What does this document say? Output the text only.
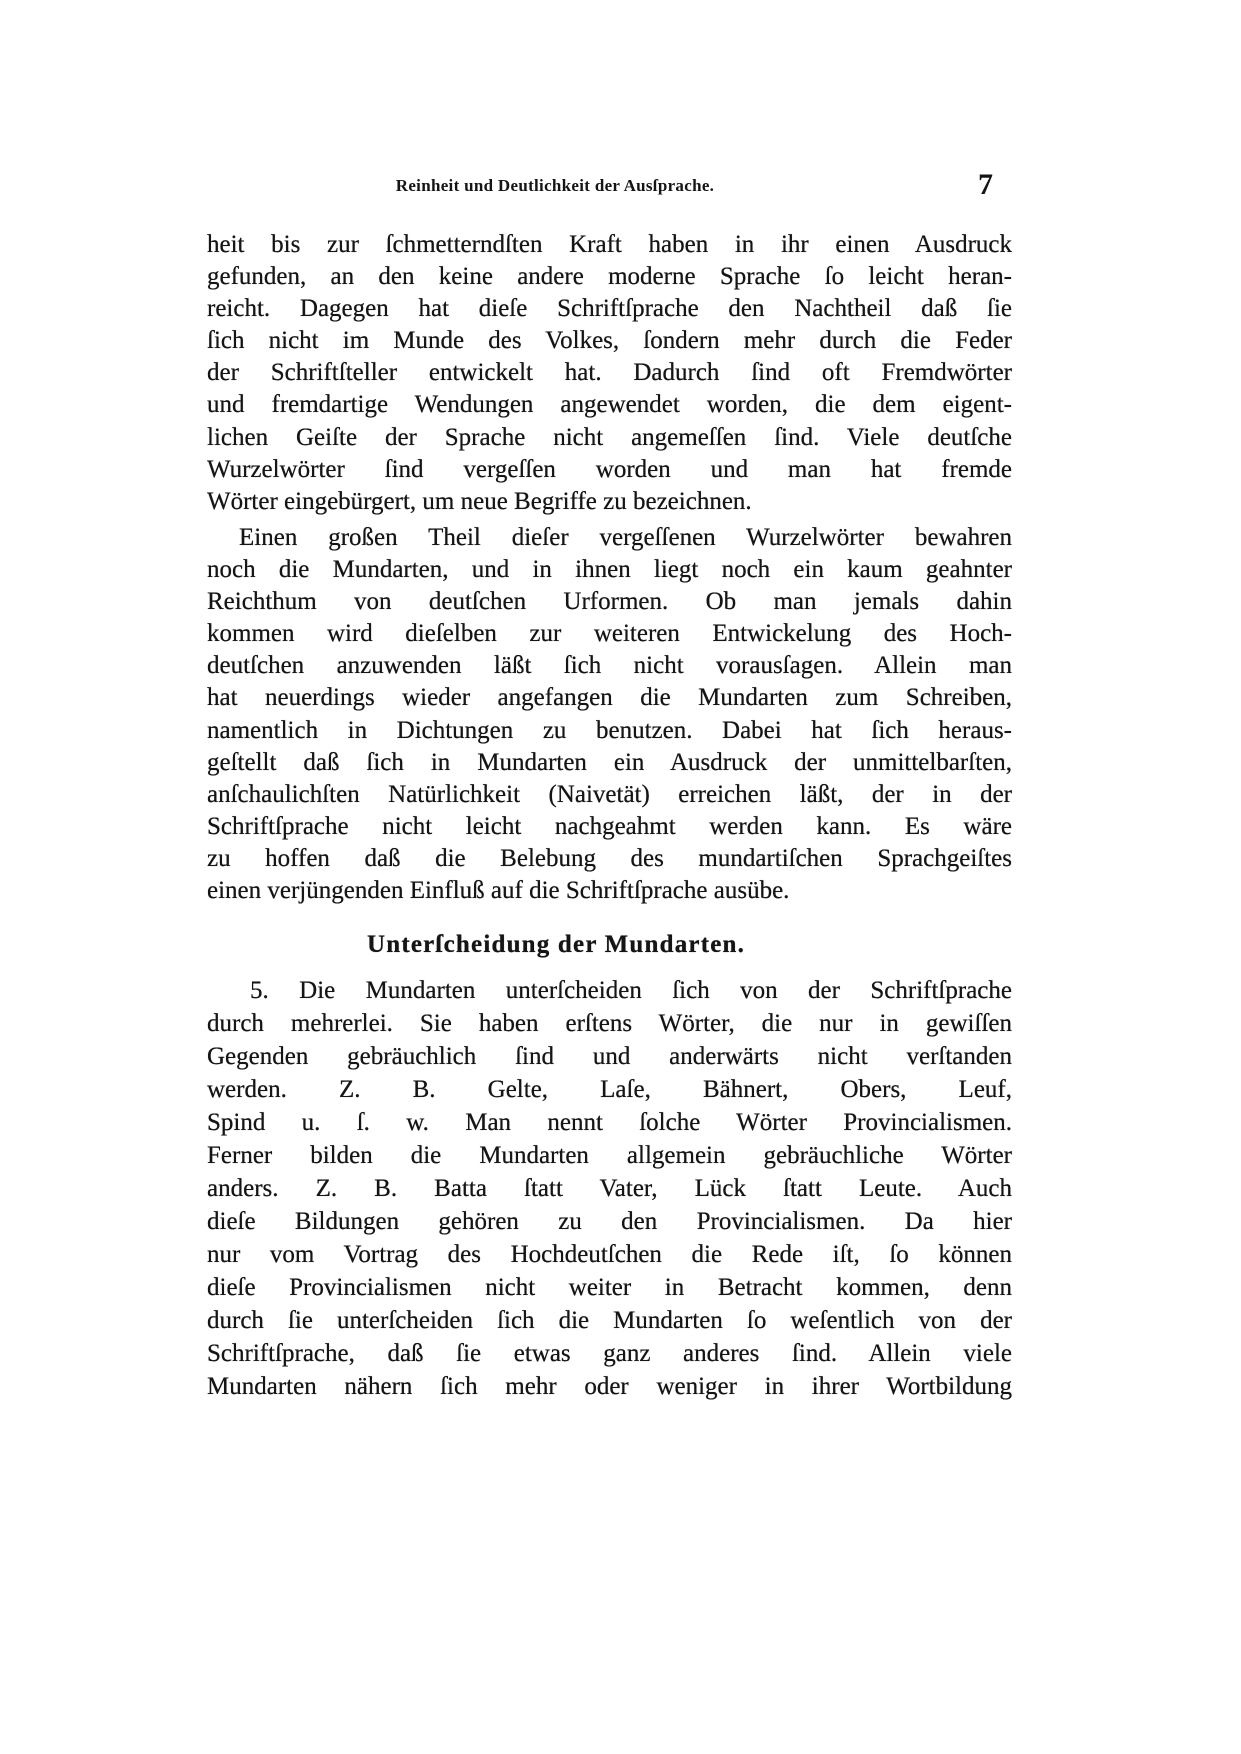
Reinheit und Deutlichkeit der Ausſprache.	7
heit bis zur ſchmetterndſten Kraft haben in ihr einen Ausdruck
gefunden, an den keine andere moderne Sprache ſo leicht heran-
reicht. Dagegen hat dieſe Schriftſprache den Nachtheil daß ſie
ſich nicht im Munde des Volkes, ſondern mehr durch die Feder
der Schriftſteller entwickelt hat. Dadurch ſind oft Fremdwörter
und fremdartige Wendungen angewendet worden, die dem eigent-
lichen Geiſte der Sprache nicht angemeſſen ſind. Viele deutſche
Wurzelwörter ſind vergeſſen worden und man hat fremde
Wörter eingebürgert, um neue Begriffe zu bezeichnen.
Einen großen Theil dieſer vergeſſenen Wurzelwörter bewahren
noch die Mundarten, und in ihnen liegt noch ein kaum geahnter
Reichthum von deutſchen Urformen. Ob man jemals dahin
kommen wird dieſelben zur weiteren Entwickelung des Hoch-
deutſchen anzuwenden läßt ſich nicht vorausſagen. Allein man
hat neuerdings wieder angefangen die Mundarten zum Schreiben,
namentlich in Dichtungen zu benutzen. Dabei hat ſich heraus-
geſtellt daß ſich in Mundarten ein Ausdruck der unmittelbarſten,
anſchaulichſten Natürlichkeit (Naivetät) erreichen läßt, der in der
Schriftſprache nicht leicht nachgeahmt werden kann. Es wäre
zu hoffen daß die Belebung des mundartiſchen Sprachgeiſtes
einen verjüngenden Einfluß auf die Schriftſprache ausübe.
Unterſcheidung der Mundarten.
5. Die Mundarten unterſcheiden ſich von der Schriftſprache
durch mehrerlei. Sie haben erſtens Wörter, die nur in gewiſſen
Gegenden gebräuchlich ſind und anderwärts nicht verſtanden
werden. Z. B. Gelte, Laſe, Bähnert, Obers, Leuf,
Spind u. ſ. w. Man nennt ſolche Wörter Provincialismen.
Ferner bilden die Mundarten allgemein gebräuchliche Wörter
anders. Z. B. Batta ſtatt Vater, Lück ſtatt Leute. Auch
dieſe Bildungen gehören zu den Provincialismen. Da hier
nur vom Vortrag des Hochdeutſchen die Rede iſt, ſo können
dieſe Provincialismen nicht weiter in Betracht kommen, denn
durch ſie unterſcheiden ſich die Mundarten ſo weſentlich von der
Schriftſprache, daß ſie etwas ganz anderes ſind. Allein viele
Mundarten nähern ſich mehr oder weniger in ihrer Wortbildung
